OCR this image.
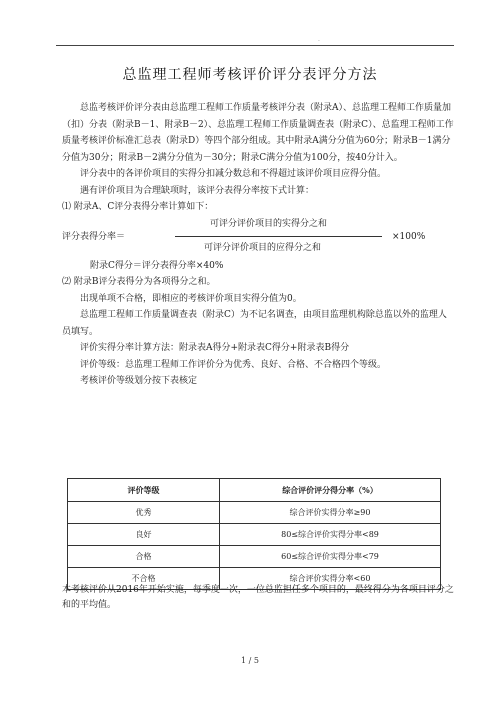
.
总监理工程师考核评价评分表评分方法

总监考核评价评分表由总监理工程师工作质量考核评分表（附录A）、总监理工程师工作质量加（扣）分表（附录B－1、附录B－2）、总监理工程师工作质量调查表（附录C）、总监理工程师工作质量考核评价标准汇总表（附录D）等四个部分组成。其中附录A满分分值为60分；附录B－1满分分值为30分；附录B－2满分分值为－30分；附录C满分分值为100分，按40分计入。

评分表中的各评价项目的实得分扣减分数总和不得超过该评价项目应得分值。

遇有评价项目为合理缺项时，该评分表得分率按下式计算：

⑴ 附录A、C评分表得分率计算如下：

评分表得分率＝
可评分评价项目的实得分之和
可评分评价项目的应得分之和
×100%

附录C得分＝评分表得分率×40%

⑵ 附录B评分表得分为各项得分之和。

出现单项不合格，即相应的考核评价项目实得分值为0。

总监理工程师工作质量调查表（附录C）为不记名调查，由项目监理机构除总监以外的监理人员填写。

评价实得分率计算方法：附录表A得分+附录表C得分+附录表B得分

评价等级：总监理工程师工作评价分为优秀、良好、合格、不合格四个等级。

考核评价等级划分按下表核定

评价等级	综合评价评分得分率（%）
优秀	综合评价实得分率≥90
良好	80≤综合评价实得分率<89
合格	60≤综合评价实得分率<79
不合格	综合评价实得分率<60
本考核评价从2016年开始实施，每季度一次，一位总监担任多个项目的，最终得分为各项目评分之和的平均值。
1 / 5
